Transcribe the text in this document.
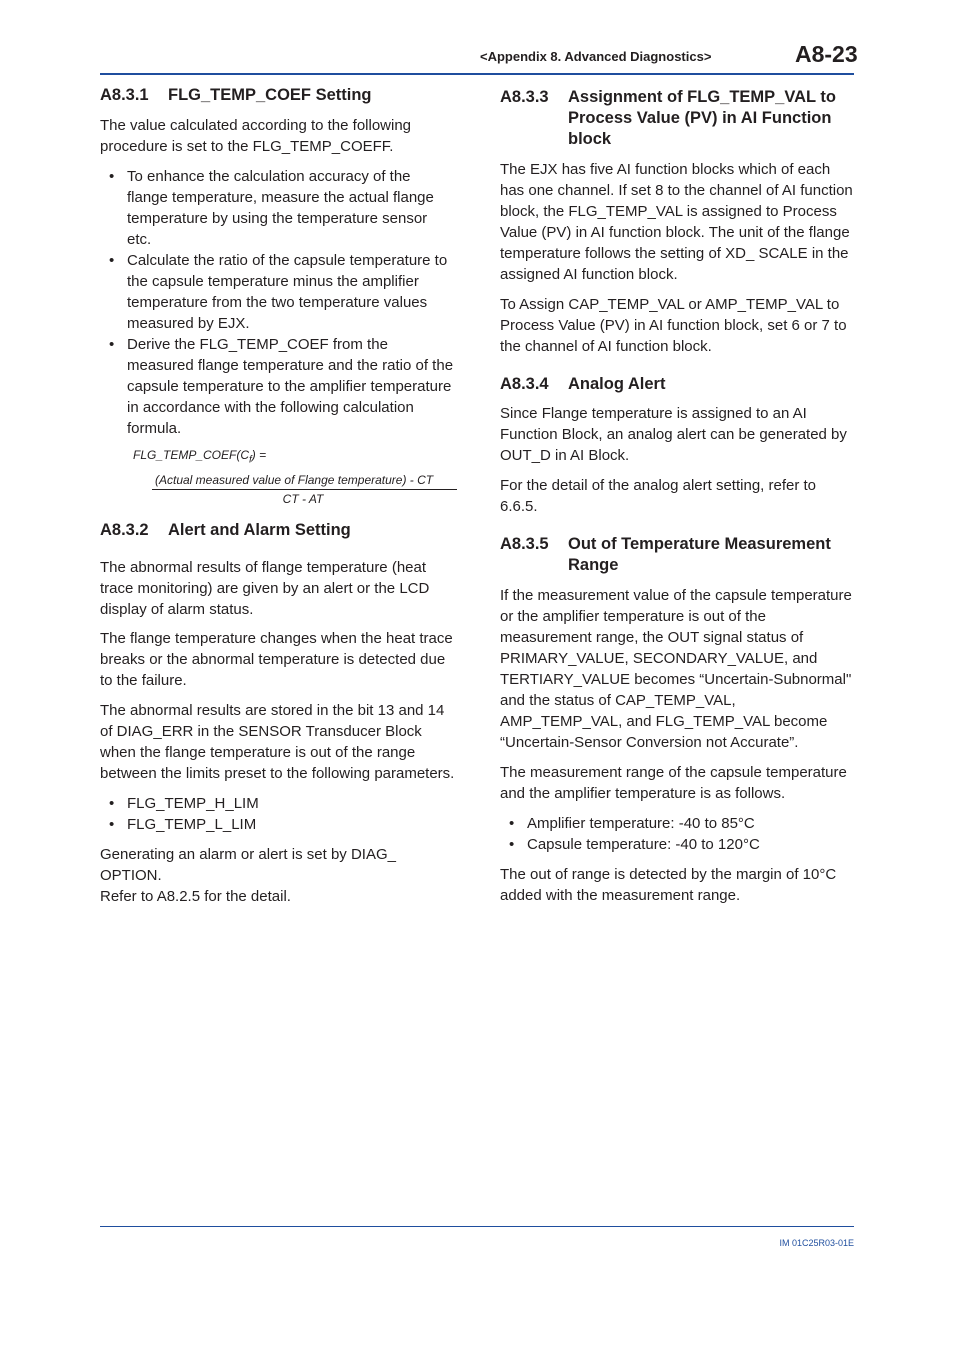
<Appendix 8. Advanced Diagnostics>	A8-23
A8.3.1 FLG_TEMP_COEF Setting

The value calculated according to the following procedure is set to the FLG_TEMP_COEFF.

• To enhance the calculation accuracy of the flange temperature, measure the actual flange temperature by using the temperature sensor etc.
• Calculate the ratio of the capsule temperature to the capsule temperature minus the amplifier temperature from the two temperature values measured by EJX.
• Derive the FLG_TEMP_COEF from the measured flange temperature and the ratio of the capsule temperature to the amplifier temperature in accordance with the following calculation formula.
$FLG\_TEMP\_COEF(C_f)$ =
(Actual measured value of Flange temperature) - CT
CT - AT
A8.3.2 Alert and Alarm Setting

The abnormal results of flange temperature (heat trace monitoring) are given by an alert or the LCD display of alarm status.

The flange temperature changes when the heat trace breaks or the abnormal temperature is detected due to the failure.

The abnormal results are stored in the bit 13 and 14 of DIAG_ERR in the SENSOR Transducer Block when the flange temperature is out of the range between the limits preset to the following parameters.

• FLG_TEMP_H_LIM
• FLG_TEMP_L_LIM

Generating an alarm or alert is set by DIAG_ OPTION.

Refer to A8.2.5 for the detail.

A8.3.3 Assignment of FLG_TEMP_VAL to Process Value (PV) in AI Function block

The EJX has five AI function blocks which of each has one channel. If set 8 to the channel of AI function block, the FLG_TEMP_VAL is assigned to Process Value (PV) in AI function block. The unit of the flange temperature follows the setting of XD_ SCALE in the assigned AI function block.

To Assign CAP_TEMP_VAL or AMP_TEMP_VAL to Process Value (PV) in AI function block, set 6 or 7 to the channel of AI function block.

A8.3.4 Analog Alert

Since Flange temperature is assigned to an AI Function Block, an analog alert can be generated by OUT_D in AI Block.

For the detail of the analog alert setting, refer to 6.6.5.

A8.3.5 Out of Temperature Measurement Range

If the measurement value of the capsule temperature or the amplifier temperature is out of the measurement range, the OUT signal status of PRIMARY_VALUE, SECONDARY_VALUE, and TERTIARY_VALUE becomes “Uncertain-Subnormal" and the status of CAP_TEMP_VAL, AMP_TEMP_VAL, and FLG_TEMP_VAL become “Uncertain-Sensor Conversion not Accurate”.

The measurement range of the capsule temperature and the amplifier temperature is as follows.

• Amplifier temperature: -40 to 85°C
• Capsule temperature: -40 to 120°C

The out of range is detected by the margin of 10°C added with the measurement range.

IM 01C25R03-01E
